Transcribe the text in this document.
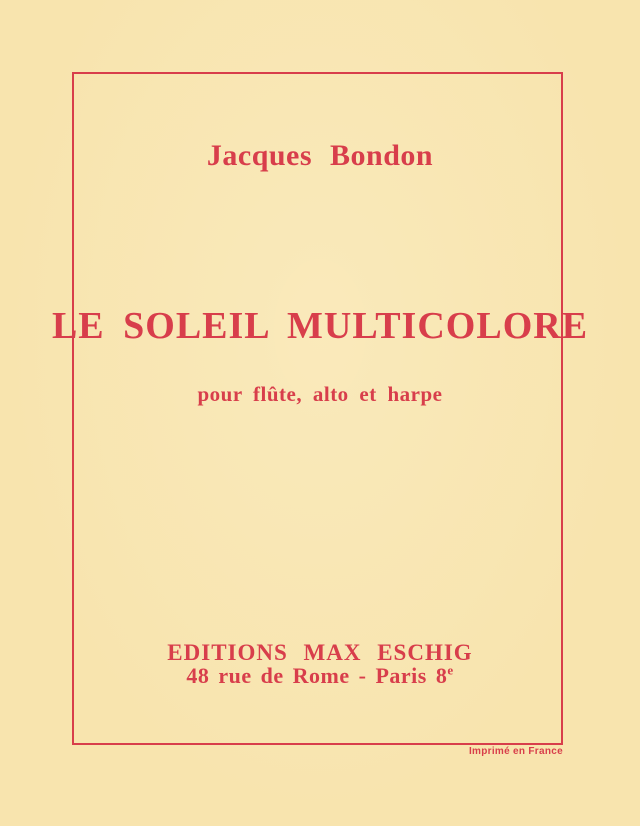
Jacques Bondon
LE SOLEIL MULTICOLORE
pour flûte, alto et harpe
EDITIONS MAX ESCHIG
48 rue de Rome - Paris 8e
Imprimé en France
